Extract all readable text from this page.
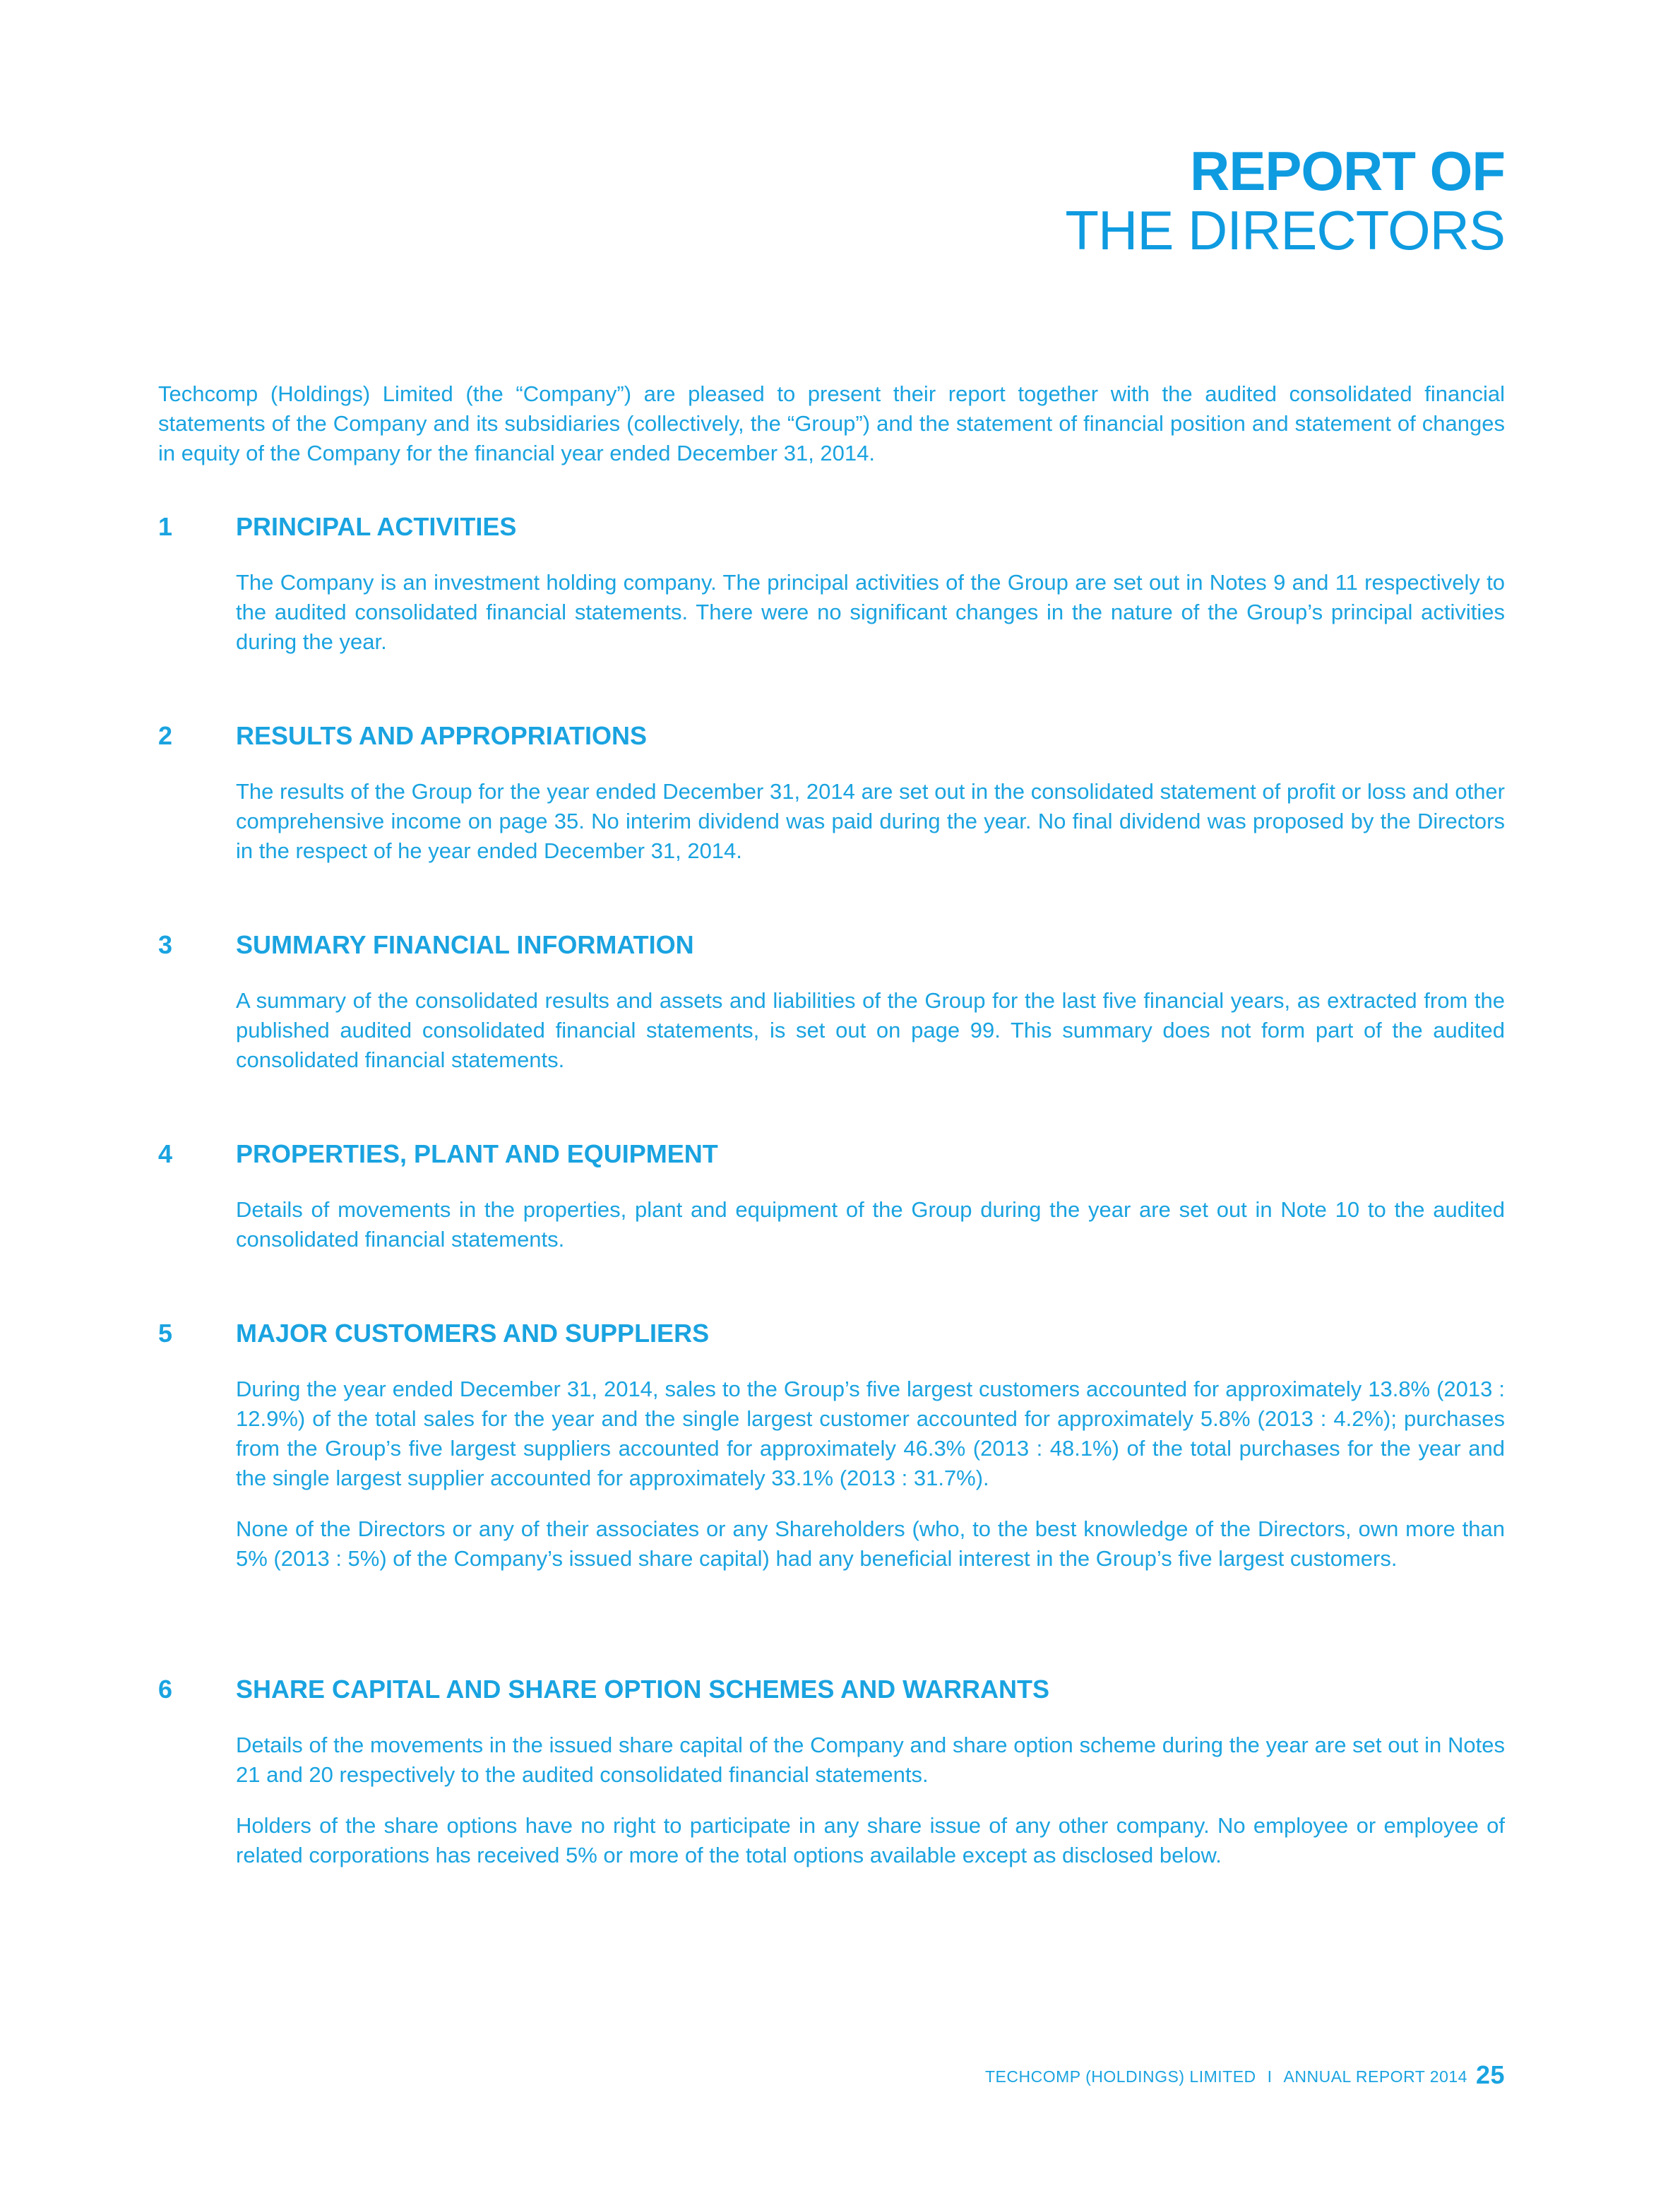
REPORT OF
THE DIRECTORS

Techcomp (Holdings) Limited (the “Company”) are pleased to present their report together with the audited consolidated financial statements of the Company and its subsidiaries (collectively, the “Group”) and the statement of financial position and statement of changes in equity of the Company for the financial year ended December 31, 2014.

1 PRINCIPAL ACTIVITIES

The Company is an investment holding company. The principal activities of the Group are set out in Notes 9 and 11 respectively to the audited consolidated financial statements. There were no significant changes in the nature of the Group’s principal activities during the year.

2 RESULTS AND APPROPRIATIONS

The results of the Group for the year ended December 31, 2014 are set out in the consolidated statement of profit or loss and other comprehensive income on page 35. No interim dividend was paid during the year. No final dividend was proposed by the Directors in the respect of he year ended December 31, 2014.

3 SUMMARY FINANCIAL INFORMATION

A summary of the consolidated results and assets and liabilities of the Group for the last five financial years, as extracted from the published audited consolidated financial statements, is set out on page 99. This summary does not form part of the audited consolidated financial statements.

4 PROPERTIES, PLANT AND EQUIPMENT

Details of movements in the properties, plant and equipment of the Group during the year are set out in Note 10 to the audited consolidated financial statements.

5 MAJOR CUSTOMERS AND SUPPLIERS

During the year ended December 31, 2014, sales to the Group’s five largest customers accounted for approximately 13.8% (2013 : 12.9%) of the total sales for the year and the single largest customer accounted for approximately 5.8% (2013 : 4.2%); purchases from the Group’s five largest suppliers accounted for approximately 46.3% (2013 : 48.1%) of the total purchases for the year and the single largest supplier accounted for approximately 33.1% (2013 : 31.7%).

None of the Directors or any of their associates or any Shareholders (who, to the best knowledge of the Directors, own more than 5% (2013 : 5%) of the Company’s issued share capital) had any beneficial interest in the Group’s five largest customers.

6 SHARE CAPITAL AND SHARE OPTION SCHEMES AND WARRANTS

Details of the movements in the issued share capital of the Company and share option scheme during the year are set out in Notes 21 and 20 respectively to the audited consolidated financial statements.

Holders of the share options have no right to participate in any share issue of any other company. No employee or employee of related corporations has received 5% or more of the total options available except as disclosed below.

TECHCOMP (HOLDINGS) LIMITED I ANNUAL REPORT 2014 25
